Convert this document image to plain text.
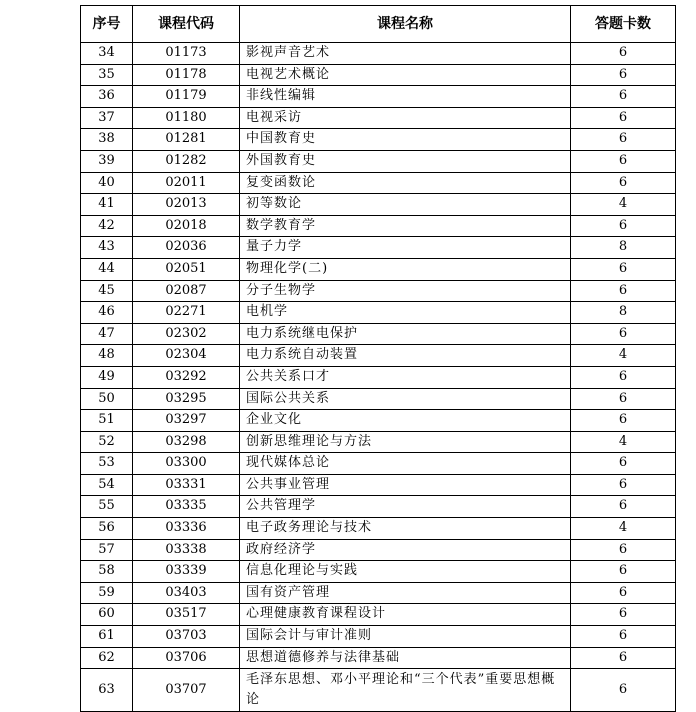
序号	课程代码	课程名称	答题卡数
34	01173	影视声音艺术	6
35	01178	电视艺术概论	6
36	01179	非线性编辑	6
37	01180	电视采访	6
38	01281	中国教育史	6
39	01282	外国教育史	6
40	02011	复变函数论	6
41	02013	初等数论	4
42	02018	数学教育学	6
43	02036	量子力学	8
44	02051	物理化学(二)	6
45	02087	分子生物学	6
46	02271	电机学	8
47	02302	电力系统继电保护	6
48	02304	电力系统自动装置	4
49	03292	公共关系口才	6
50	03295	国际公共关系	6
51	03297	企业文化	6
52	03298	创新思维理论与方法	4
53	03300	现代媒体总论	6
54	03331	公共事业管理	6
55	03335	公共管理学	6
56	03336	电子政务理论与技术	4
57	03338	政府经济学	6
58	03339	信息化理论与实践	6
59	03403	国有资产管理	6
60	03517	心理健康教育课程设计	6
61	03703	国际会计与审计准则	6
62	03706	思想道德修养与法律基础	6
63	03707	毛泽东思想、邓小平理论和“三个代表”重要思想概论	6
